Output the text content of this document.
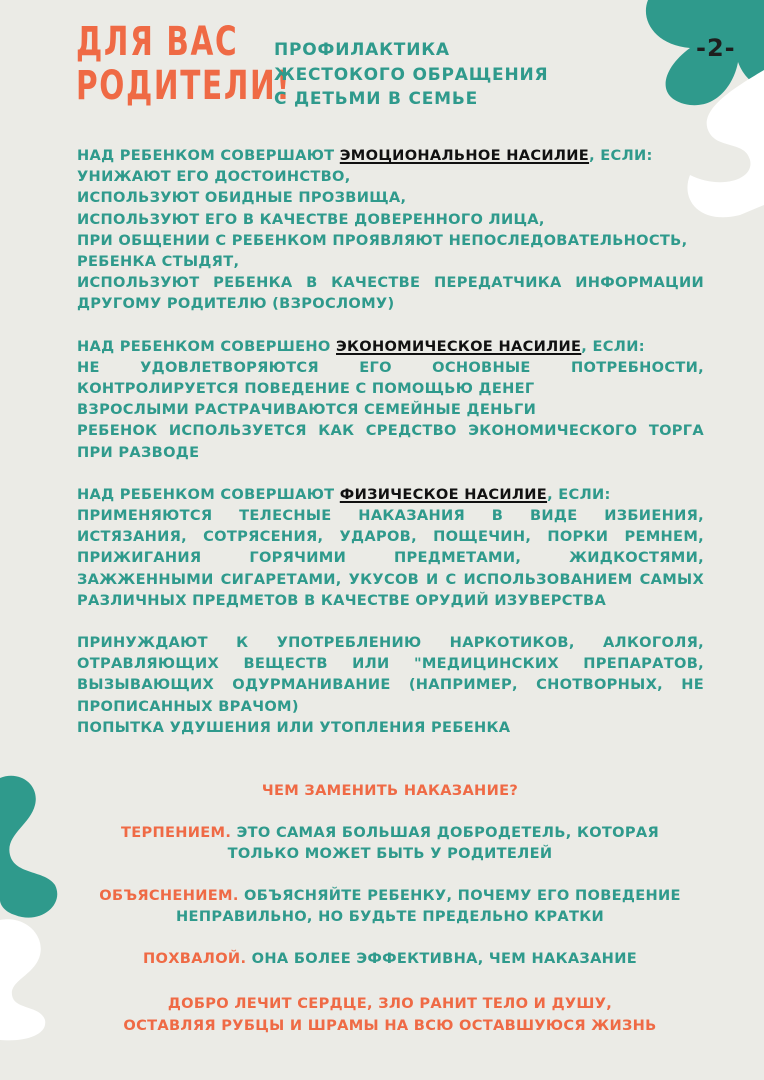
ДЛЯ ВАС
РОДИТЕЛИ!
ПРОФИЛАКТИКА
ЖЕСТОКОГО ОБРАЩЕНИЯ
С ДЕТЬМИ В СЕМЬЕ
-2-

НАД РЕБЕНКОМ СОВЕРШАЮТ ЭМОЦИОНАЛЬНОЕ НАСИЛИЕ, ЕСЛИ:

УНИЖАЮТ ЕГО ДОСТОИНСТВО,

ИСПОЛЬЗУЮТ ОБИДНЫЕ ПРОЗВИЩА,

ИСПОЛЬЗУЮТ ЕГО В КАЧЕСТВЕ ДОВЕРЕННОГО ЛИЦА,

ПРИ ОБЩЕНИИ С РЕБЕНКОМ ПРОЯВЛЯЮТ НЕПОСЛЕДОВАТЕЛЬНОСТЬ,

РЕБЕНКА СТЫДЯТ,

ИСПОЛЬЗУЮТ РЕБЕНКА В КАЧЕСТВЕ ПЕРЕДАТЧИКА ИНФОРМАЦИИ ДРУГОМУ РОДИТЕЛЮ (ВЗРОСЛОМУ)

НАД РЕБЕНКОМ СОВЕРШЕНО ЭКОНОМИЧЕСКОЕ НАСИЛИЕ, ЕСЛИ:

НЕ УДОВЛЕТВОРЯЮТСЯ ЕГО ОСНОВНЫЕ ПОТРЕБНОСТИ,

КОНТРОЛИРУЕТСЯ ПОВЕДЕНИЕ С ПОМОЩЬЮ ДЕНЕГ

ВЗРОСЛЫМИ РАСТРАЧИВАЮТСЯ СЕМЕЙНЫЕ ДЕНЬГИ

РЕБЕНОК ИСПОЛЬЗУЕТСЯ КАК СРЕДСТВО ЭКОНОМИЧЕСКОГО ТОРГА ПРИ РАЗВОДЕ

НАД РЕБЕНКОМ СОВЕРШАЮТ ФИЗИЧЕСКОЕ НАСИЛИЕ, ЕСЛИ:

ПРИМЕНЯЮТСЯ ТЕЛЕСНЫЕ НАКАЗАНИЯ В ВИДЕ ИЗБИЕНИЯ, ИСТЯЗАНИЯ, СОТРЯСЕНИЯ, УДАРОВ, ПОЩЕЧИН, ПОРКИ РЕМНЕМ, ПРИЖИГАНИЯ ГОРЯЧИМИ ПРЕДМЕТАМИ, ЖИДКОСТЯМИ, ЗАЖЖЕННЫМИ СИГАРЕТАМИ, УКУСОВ И С ИСПОЛЬЗОВАНИЕМ САМЫХ РАЗЛИЧНЫХ ПРЕДМЕТОВ В КАЧЕСТВЕ ОРУДИЙ ИЗУВЕРСТВА

ПРИНУЖДАЮТ К УПОТРЕБЛЕНИЮ НАРКОТИКОВ, АЛКОГОЛЯ, ОТРАВЛЯЮЩИХ ВЕЩЕСТВ ИЛИ "МЕДИЦИНСКИХ ПРЕПАРАТОВ, ВЫЗЫВАЮЩИХ ОДУРМАНИВАНИЕ (НАПРИМЕР, СНОТВОРНЫХ, НЕ ПРОПИСАННЫХ ВРАЧОМ)

ПОПЫТКА УДУШЕНИЯ ИЛИ УТОПЛЕНИЯ РЕБЕНКА

ЧЕМ ЗАМЕНИТЬ НАКАЗАНИЕ?

ТЕРПЕНИЕМ. ЭТО САМАЯ БОЛЬШАЯ ДОБРОДЕТЕЛЬ, КОТОРАЯ

ТОЛЬКО МОЖЕТ БЫТЬ У РОДИТЕЛЕЙ

ОБЪЯСНЕНИЕМ. ОБЪЯСНЯЙТЕ РЕБЕНКУ, ПОЧЕМУ ЕГО ПОВЕДЕНИЕ

НЕПРАВИЛЬНО, НО БУДЬТЕ ПРЕДЕЛЬНО КРАТКИ

ПОХВАЛОЙ. ОНА БОЛЕЕ ЭФФЕКТИВНА, ЧЕМ НАКАЗАНИЕ

ДОБРО ЛЕЧИТ СЕРДЦЕ, ЗЛО РАНИТ ТЕЛО И ДУШУ,

ОСТАВЛЯЯ РУБЦЫ И ШРАМЫ НА ВСЮ ОСТАВШУЮСЯ ЖИЗНЬ
